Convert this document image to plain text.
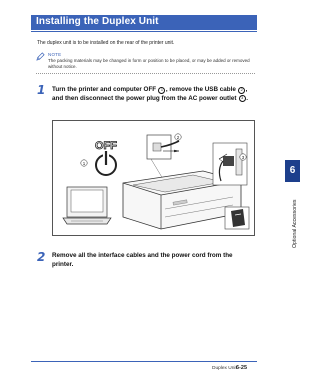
Installing the Duplex Unit
The duplex unit is to be installed on the rear of the printer unit.
NOTE
The packing materials may be changed in form or position to be placed, or may be added or removed without notice.
1 Turn the printer and computer OFF 1 , remove the USB cable 2 , and then disconnect the power plug from the AC power outlet 3 .
OFF
1
2
3
2 Remove all the interface cables and the power cord from the printer.
6
Optional Accessories
Duplex Unit 6-25
